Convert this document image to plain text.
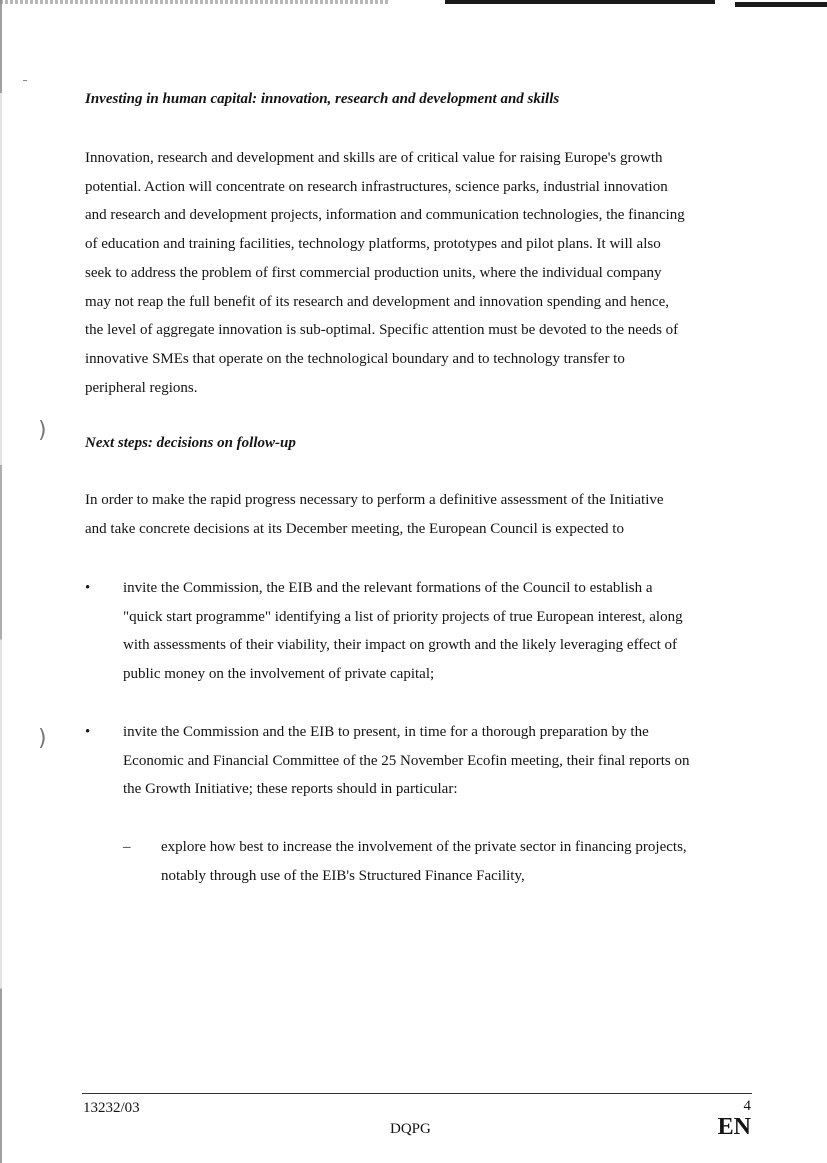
)
)

Investing in human capital: innovation, research and development and skills

Innovation, research and development and skills are of critical value for raising Europe's growth
potential. Action will concentrate on research infrastructures, science parks, industrial innovation
and research and development projects, information and communication technologies, the financing
of education and training facilities, technology platforms, prototypes and pilot plans. It will also
seek to address the problem of first commercial production units, where the individual company
may not reap the full benefit of its research and development and innovation spending and hence,
the level of aggregate innovation is sub-optimal. Specific attention must be devoted to the needs of
innovative SMEs that operate on the technological boundary and to technology transfer to
peripheral regions.

Next steps: decisions on follow-up

In order to make the rapid progress necessary to perform a definitive assessment of the Initiative
and take concrete decisions at its December meeting, the European Council is expected to
•	invite the Commission, the EIB and the relevant formations of the Council to establish a
"quick start programme" identifying a list of priority projects of true European interest, along
with assessments of their viability, their impact on growth and the likely leveraging effect of
public money on the involvement of private capital;
•	invite the Commission and the EIB to present, in time for a thorough preparation by the
Economic and Financial Committee of the 25 November Ecofin meeting, their final reports on
the Growth Initiative; these reports should in particular:
– explore how best to increase the involvement of the private sector in financing projects,
notably through use of the EIB's Structured Finance Facility,
13232/03
DQPG
4
EN
